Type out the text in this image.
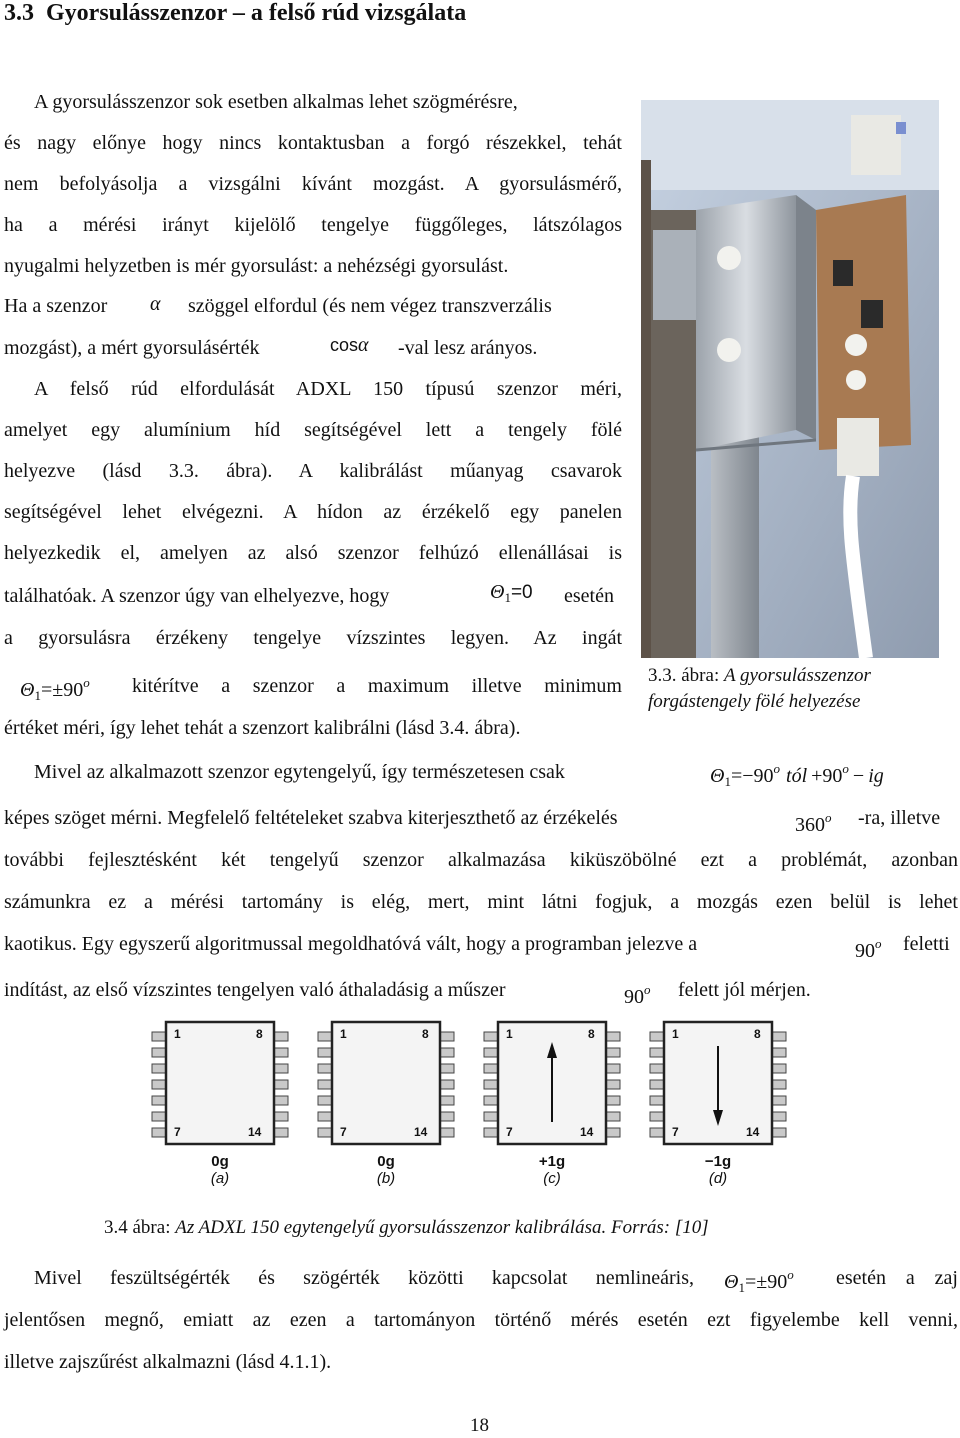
3.3 Gyorsulásszenzor – a felső rúd vizsgálata
A gyorsulásszenzor sok esetben alkalmas lehet szögmérésre,
és nagy előnye hogy nincs kontaktusban a forgó részekkel, tehát
nem befolyásolja a vizsgálni kívánt mozgást. A gyorsulásmérő,
ha a mérési irányt kijelölő tengelye függőleges, látszólagos
nyugalmi helyzetben is mér gyorsulást: a nehézségi gyorsulást.
Ha a szenzor α szöggel elfordul (és nem végez transzverzális
mozgást), a mért gyorsulásérték	cosα -val lesz arányos.
A felső rúd elfordulását ADXL 150 típusú szenzor méri,
amelyet egy alumínium híd segítségével lett a tengely fölé
helyezve (lásd 3.3. ábra). A kalibrálást műanyag csavarok
segítségével lehet elvégezni. A hídon az érzékelő egy panelen
helyezkedik el, amelyen az alsó szenzor felhúzó ellenállásai is
találhatóak. A szenzor úgy van elhelyezve, hogy	$\Theta_1=0$ esetén
a gyorsulásra érzékeny tengelye vízszintes legyen. Az ingát
$\Theta_1=\pm 90^o$ kitérítve a szenzor a maximum illetve minimum
értéket méri, így lehet tehát a szenzort kalibrálni (lásd 3.4. ábra).
3.3. ábra: A gyorsulásszenzor
forgástengely fölé helyezése
Mivel az alkalmazott szenzor egytengelyű, így természetesen csak	$\Theta_1=-90^o$ tól $+90^o$ − ig
képes szöget mérni. Megfelelő feltételeket szabva kiterjeszthető az érzékelés	360$^o$ -ra, illetve
további fejlesztésként két tengelyű szenzor alkalmazása kiküszöbölné ezt a problémát, azonban
számunkra ez a mérési tartomány is elég, mert, mint látni fogjuk, a mozgás ezen belül is lehet
kaotikus. Egy egyszerű algoritmussal megoldhatóvá vált, hogy a programban jelezve a	90$^o$ feletti
indítást, az első vízszintes tengelyen való áthaladásig a műszer	90$^o$ felett jól mérjen.
1
7
8
14
0g
(a)
1
7
8
14
0g
(b)
1
7
8
14
+1g
(c)
1
7
8
14
−1g
(d)
3.4 ábra: Az ADXL 150 egytengelyű gyorsulásszenzor kalibrálása. Forrás: [10]
Mivel feszültségérték és szögérték közötti kapcsolat nemlineáris, $\Theta_1=\pm 90^o$ esetén a zaj
jelentősen megnő, emiatt az ezen a tartományon történő mérés esetén ezt figyelembe kell venni,
illetve zajszűrést alkalmazni (lásd 4.1.1).
18
